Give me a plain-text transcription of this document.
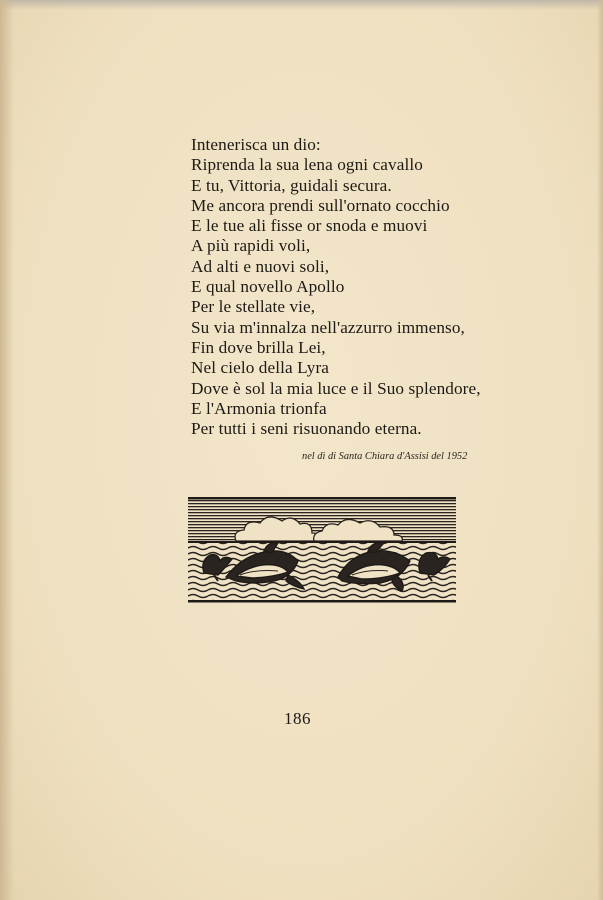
Intenerisca un dio:
Riprenda la sua lena ogni cavallo
E tu, Vittoria, guidali secura.
Me ancora prendi sull'ornato cocchio
E le tue ali fisse or snoda e muovi
A più rapidi voli,
Ad alti e nuovi soli,
E qual novello Apollo
Per le stellate vie,
Su via m'innalza nell'azzurro immenso,
Fin dove brilla Lei,
Nel cielo della Lyra
Dove è sol la mia luce e il Suo splendore,
E l'Armonia trionfa
Per tutti i seni risuonando eterna.
nel dì di Santa Chiara d'Assisi del 1952
186
